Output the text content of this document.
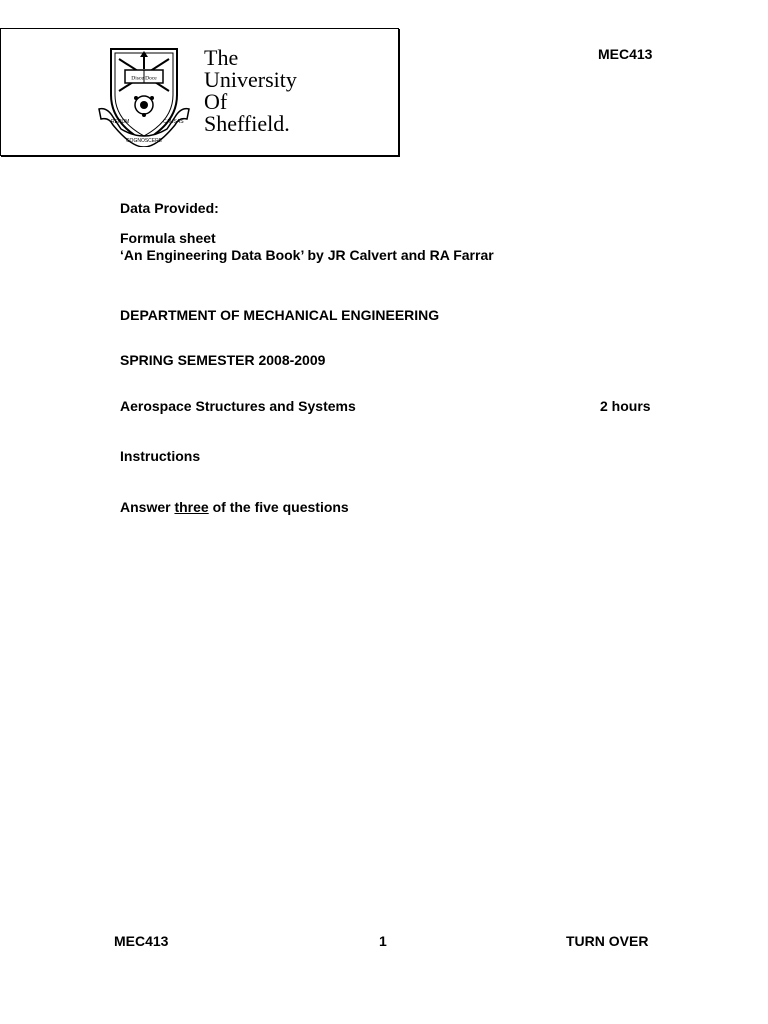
Disce Doce
RERUM
COGNOSCERE
CAUSAS
The
University
Of
Sheffield.
MEC413
Data Provided:
Formula sheet
‘An Engineering Data Book’ by JR Calvert and RA Farrar
DEPARTMENT OF MECHANICAL ENGINEERING
SPRING SEMESTER 2008-2009
Aerospace Structures and Systems	2 hours
Instructions
Answer three of the five questions
MEC413	1	TURN OVER
